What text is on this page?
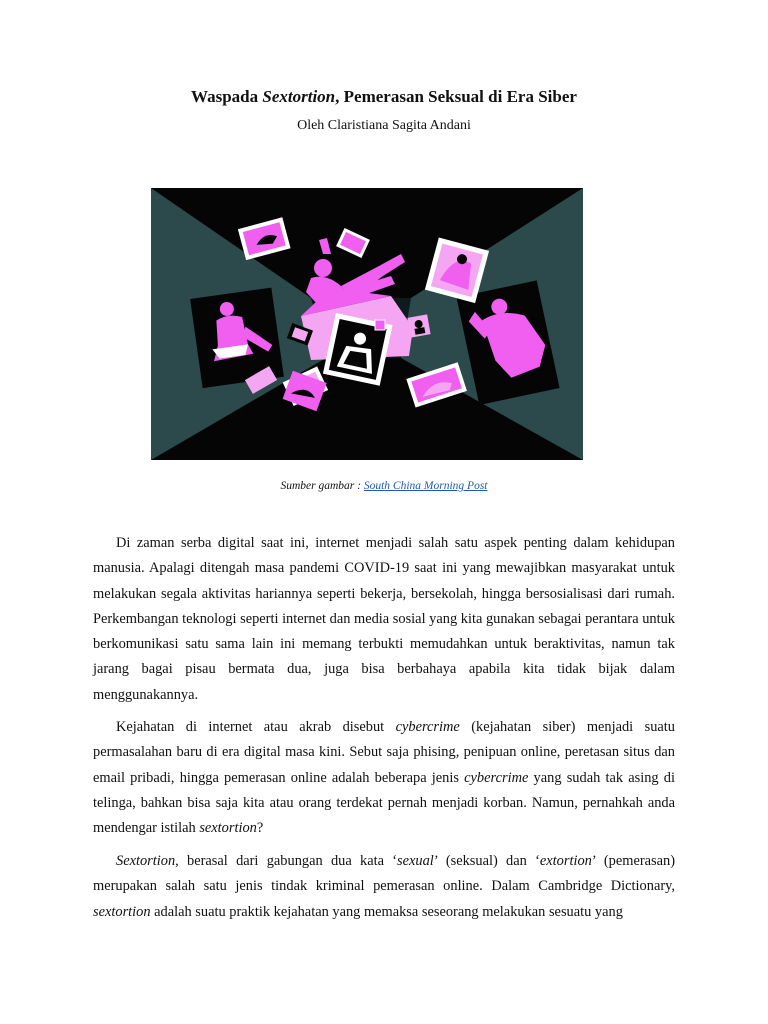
Waspada Sextortion, Pemerasan Seksual di Era Siber
Oleh Claristiana Sagita Andani
Sumber gambar : South China Morning Post

Di zaman serba digital saat ini, internet menjadi salah satu aspek penting dalam kehidupan manusia. Apalagi ditengah masa pandemi COVID-19 saat ini yang mewajibkan masyarakat untuk melakukan segala aktivitas hariannya seperti bekerja, bersekolah, hingga bersosialisasi dari rumah. Perkembangan teknologi seperti internet dan media sosial yang kita gunakan sebagai perantara untuk berkomunikasi satu sama lain ini memang terbukti memudahkan untuk beraktivitas, namun tak jarang bagai pisau bermata dua, juga bisa berbahaya apabila kita tidak bijak dalam menggunakannya.

Kejahatan di internet atau akrab disebut cybercrime (kejahatan siber) menjadi suatu permasalahan baru di era digital masa kini. Sebut saja phising, penipuan online, peretasan situs dan email pribadi, hingga pemerasan online adalah beberapa jenis cybercrime yang sudah tak asing di telinga, bahkan bisa saja kita atau orang terdekat pernah menjadi korban. Namun, pernahkah anda mendengar istilah sextortion?

Sextortion, berasal dari gabungan dua kata ‘sexual’ (seksual) dan ‘extortion’ (pemerasan) merupakan salah satu jenis tindak kriminal pemerasan online. Dalam Cambridge Dictionary, sextortion adalah suatu praktik kejahatan yang memaksa seseorang melakukan sesuatu yang
